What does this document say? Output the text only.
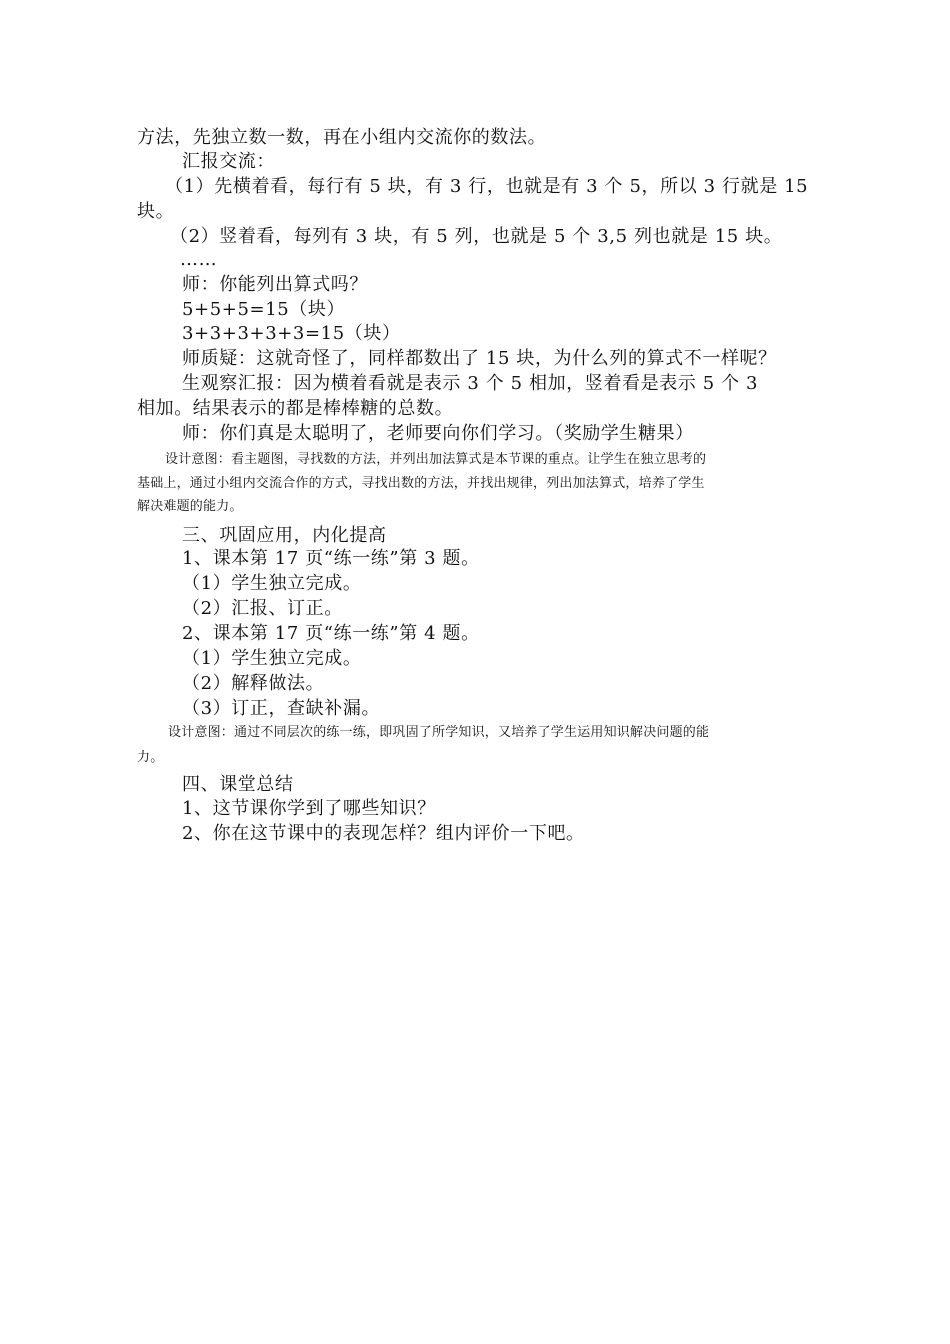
方法，先独立数一数，再在小组内交流你的数法。
汇报交流：
（1）先横着看，每行有 5 块，有 3 行，也就是有 3 个 5，所以 3 行就是 15
块。
（2）竖着看，每列有 3 块，有 5 列，也就是 5 个 3,5 列也就是 15 块。
……
师：你能列出算式吗？
5+5+5=15（块）
3+3+3+3+3=15（块）
师质疑：这就奇怪了，同样都数出了 15 块，为什么列的算式不一样呢？
生观察汇报：因为横着看就是表示 3 个 5 相加，竖着看是表示 5 个 3
相加。结果表示的都是棒棒糖的总数。
师：你们真是太聪明了，老师要向你们学习。（奖励学生糖果）
设计意图：看主题图，寻找数的方法，并列出加法算式是本节课的重点。让学生在独立思考的
基础上，通过小组内交流合作的方式，寻找出数的方法，并找出规律，列出加法算式，培养了学生
解决难题的能力。
三、巩固应用，内化提高
1、课本第 17 页“练一练”第 3 题。
（1）学生独立完成。
（2）汇报、订正。
2、课本第 17 页“练一练”第 4 题。
（1）学生独立完成。
（2）解释做法。
（3）订正，查缺补漏。
设计意图：通过不同层次的练一练，即巩固了所学知识，又培养了学生运用知识解决问题的能
力。
四、课堂总结
1、这节课你学到了哪些知识？
2、你在这节课中的表现怎样？组内评价一下吧。
